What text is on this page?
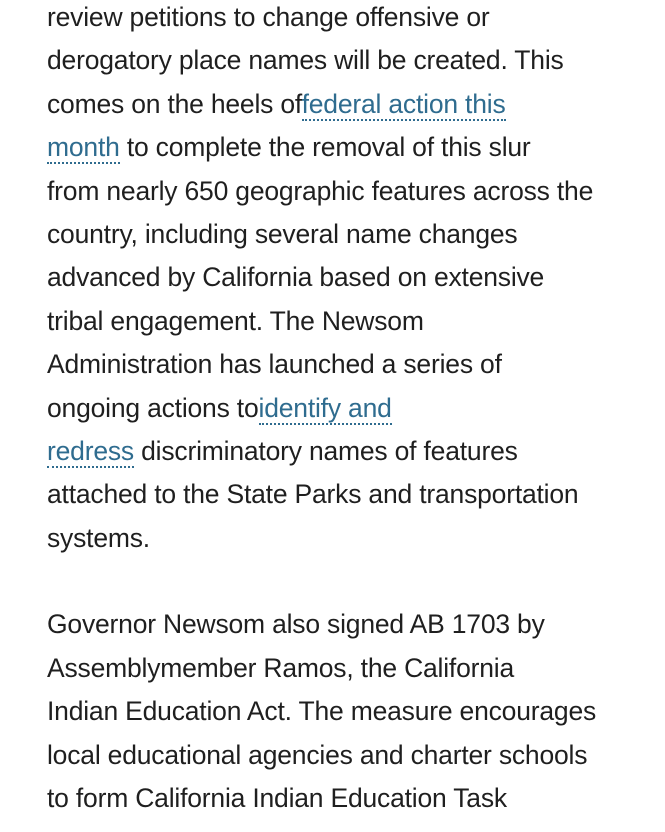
review petitions to change offensive or
derogatory place names will be created. This
comes on the heels offederal action this
month to complete the removal of this slur
from nearly 650 geographic features across the
country, including several name changes
advanced by California based on extensive
tribal engagement. The Newsom
Administration has launched a series of
ongoing actions toidentify and
redress discriminatory names of features
attached to the State Parks and transportation
systems.
Governor Newsom also signed AB 1703 by
Assemblymember Ramos, the California
Indian Education Act. The measure encourages
local educational agencies and charter schools
to form California Indian Education Task
